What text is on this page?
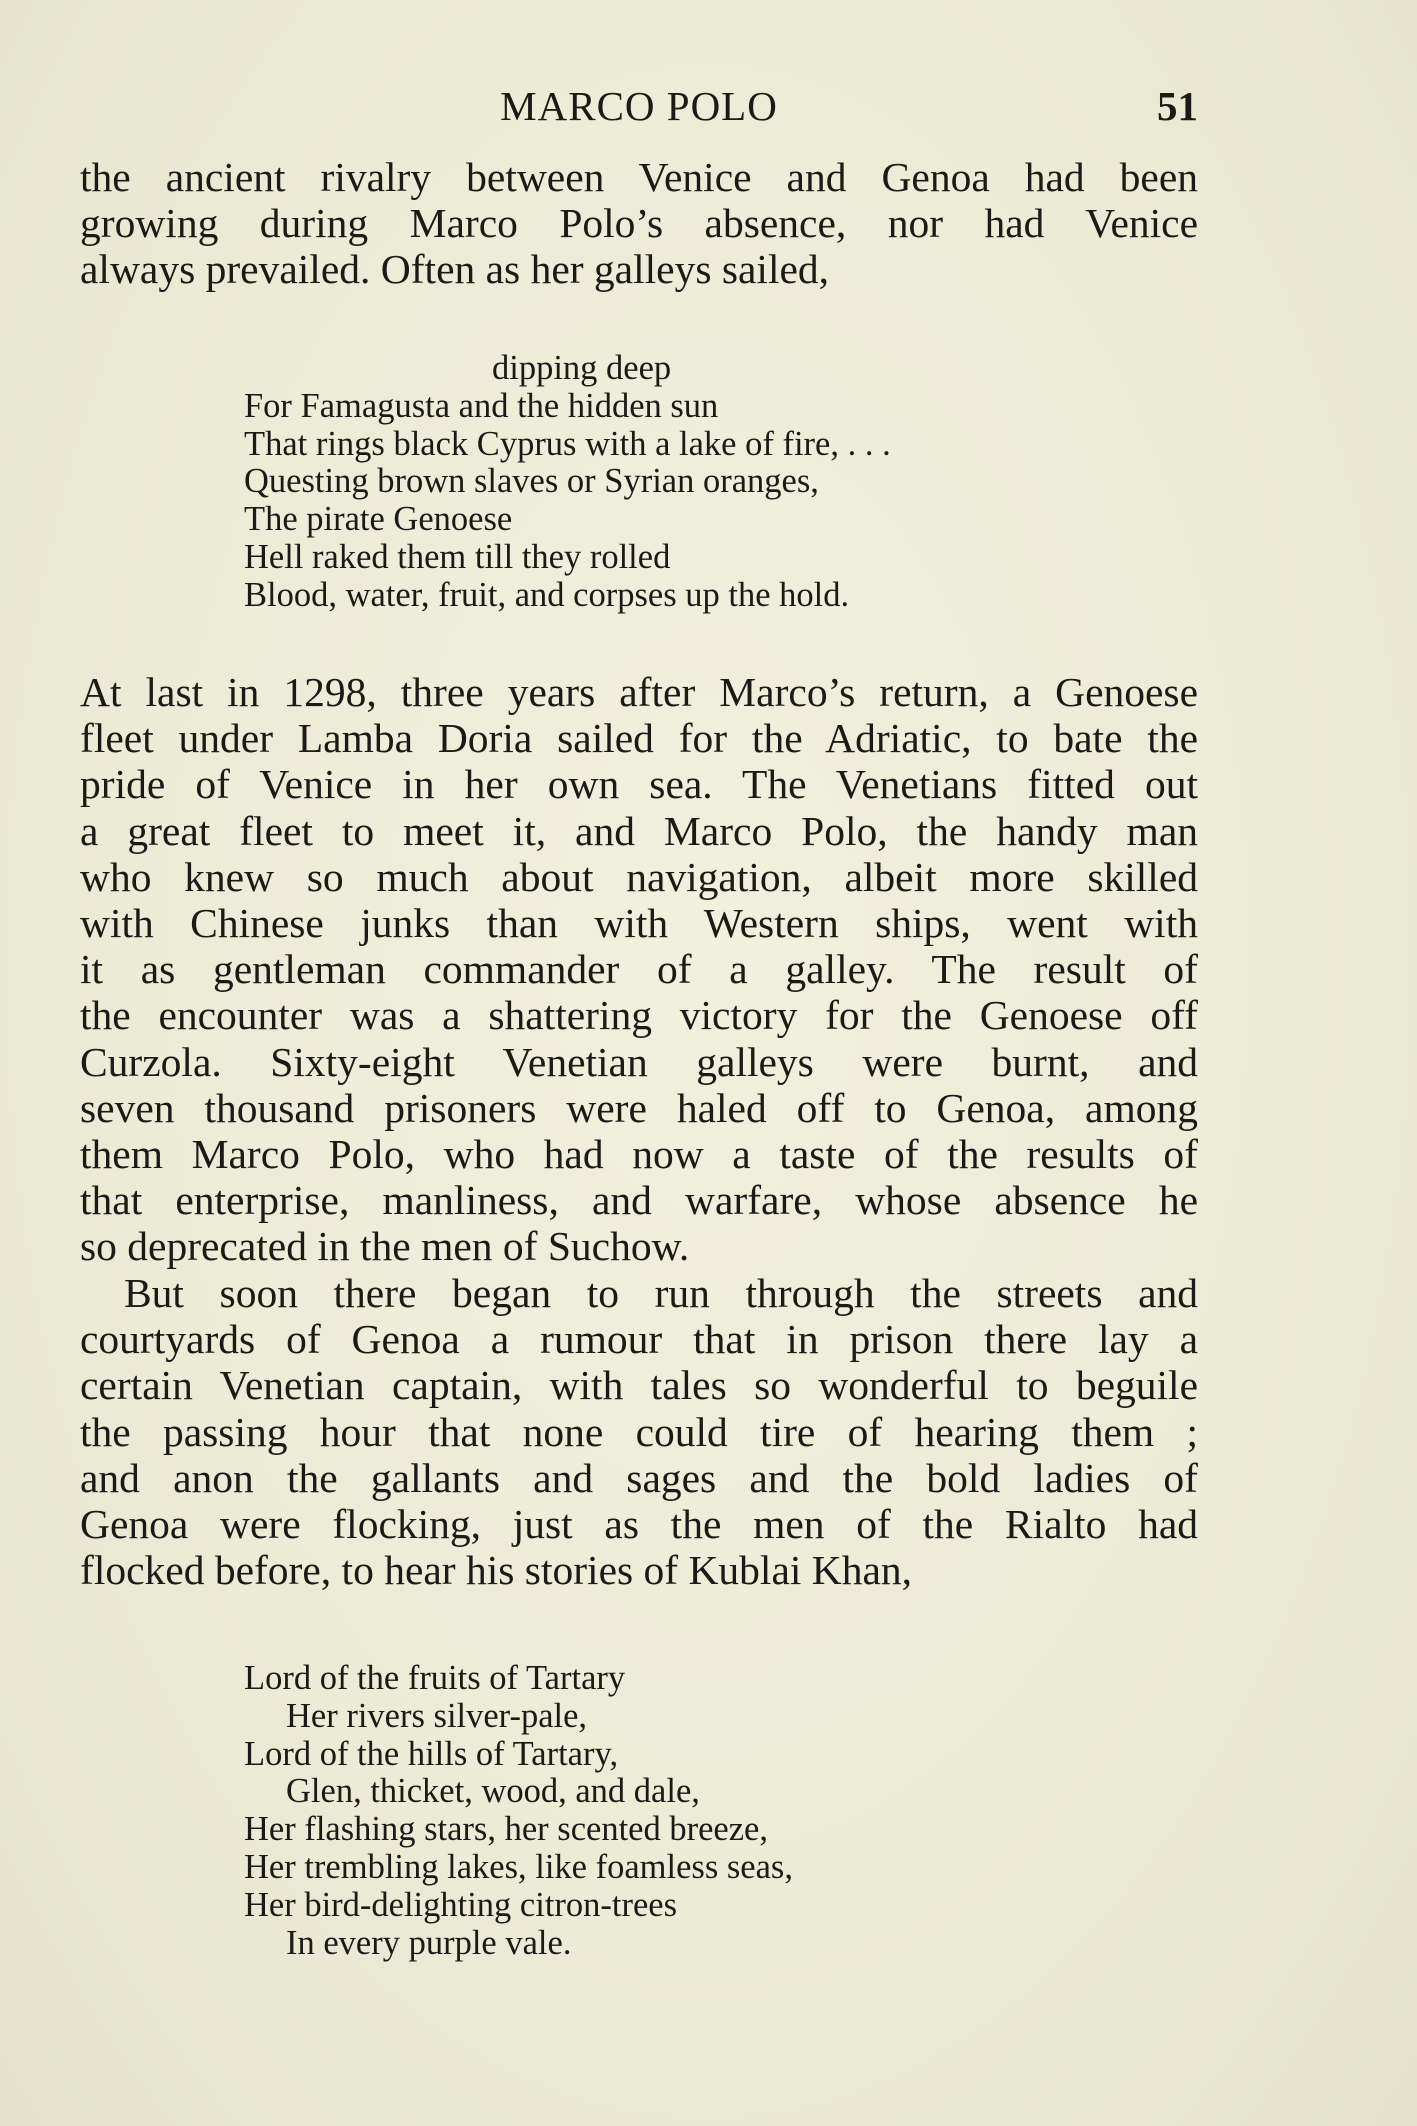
MARCO POLO	51
the ancient rivalry between Venice and Genoa had been
growing during Marco Polo’s absence, nor had Venice
always prevailed. Often as her galleys sailed,
dipping deep
For Famagusta and the hidden sun
That rings black Cyprus with a lake of fire, . . .
Questing brown slaves or Syrian oranges,
The pirate Genoese
Hell raked them till they rolled
Blood, water, fruit, and corpses up the hold.
At last in 1298, three years after Marco’s return, a Genoese
fleet under Lamba Doria sailed for the Adriatic, to bate the
pride of Venice in her own sea. The Venetians fitted out
a great fleet to meet it, and Marco Polo, the handy man
who knew so much about navigation, albeit more skilled
with Chinese junks than with Western ships, went with
it as gentleman commander of a galley. The result of
the encounter was a shattering victory for the Genoese off
Curzola. Sixty-eight Venetian galleys were burnt, and
seven thousand prisoners were haled off to Genoa, among
them Marco Polo, who had now a taste of the results of
that enterprise, manliness, and warfare, whose absence he
so deprecated in the men of Suchow.
But soon there began to run through the streets and
courtyards of Genoa a rumour that in prison there lay a
certain Venetian captain, with tales so wonderful to beguile
the passing hour that none could tire of hearing them ;
and anon the gallants and sages and the bold ladies of
Genoa were flocking, just as the men of the Rialto had
flocked before, to hear his stories of Kublai Khan,
Lord of the fruits of Tartary
Her rivers silver-pale,
Lord of the hills of Tartary,
Glen, thicket, wood, and dale,
Her flashing stars, her scented breeze,
Her trembling lakes, like foamless seas,
Her bird-delighting citron-trees
In every purple vale.
